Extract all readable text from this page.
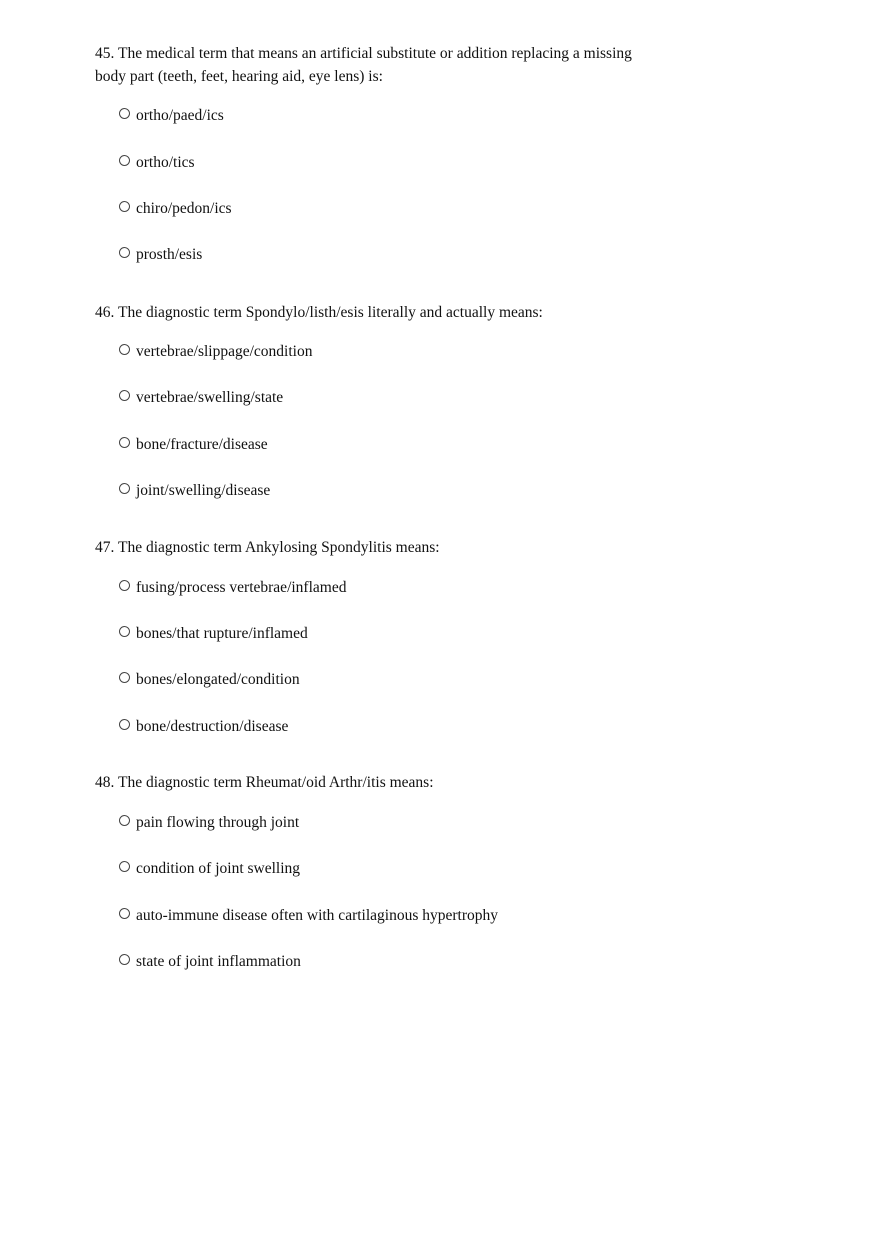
45. The medical term that means an artificial substitute or addition replacing a missing body part (teeth, feet, hearing aid, eye lens) is:

ortho/paed/ics
ortho/tics
chiro/pedon/ics
prosth/esis

46. The diagnostic term Spondylo/listh/esis literally and actually means:

vertebrae/slippage/condition
vertebrae/swelling/state
bone/fracture/disease
joint/swelling/disease

47. The diagnostic term Ankylosing Spondylitis means:

fusing/process vertebrae/inflamed
bones/that rupture/inflamed
bones/elongated/condition
bone/destruction/disease

48. The diagnostic term Rheumat/oid Arthr/itis means:

pain flowing through joint
condition of joint swelling
auto-immune disease often with cartilaginous hypertrophy
state of joint inflammation
